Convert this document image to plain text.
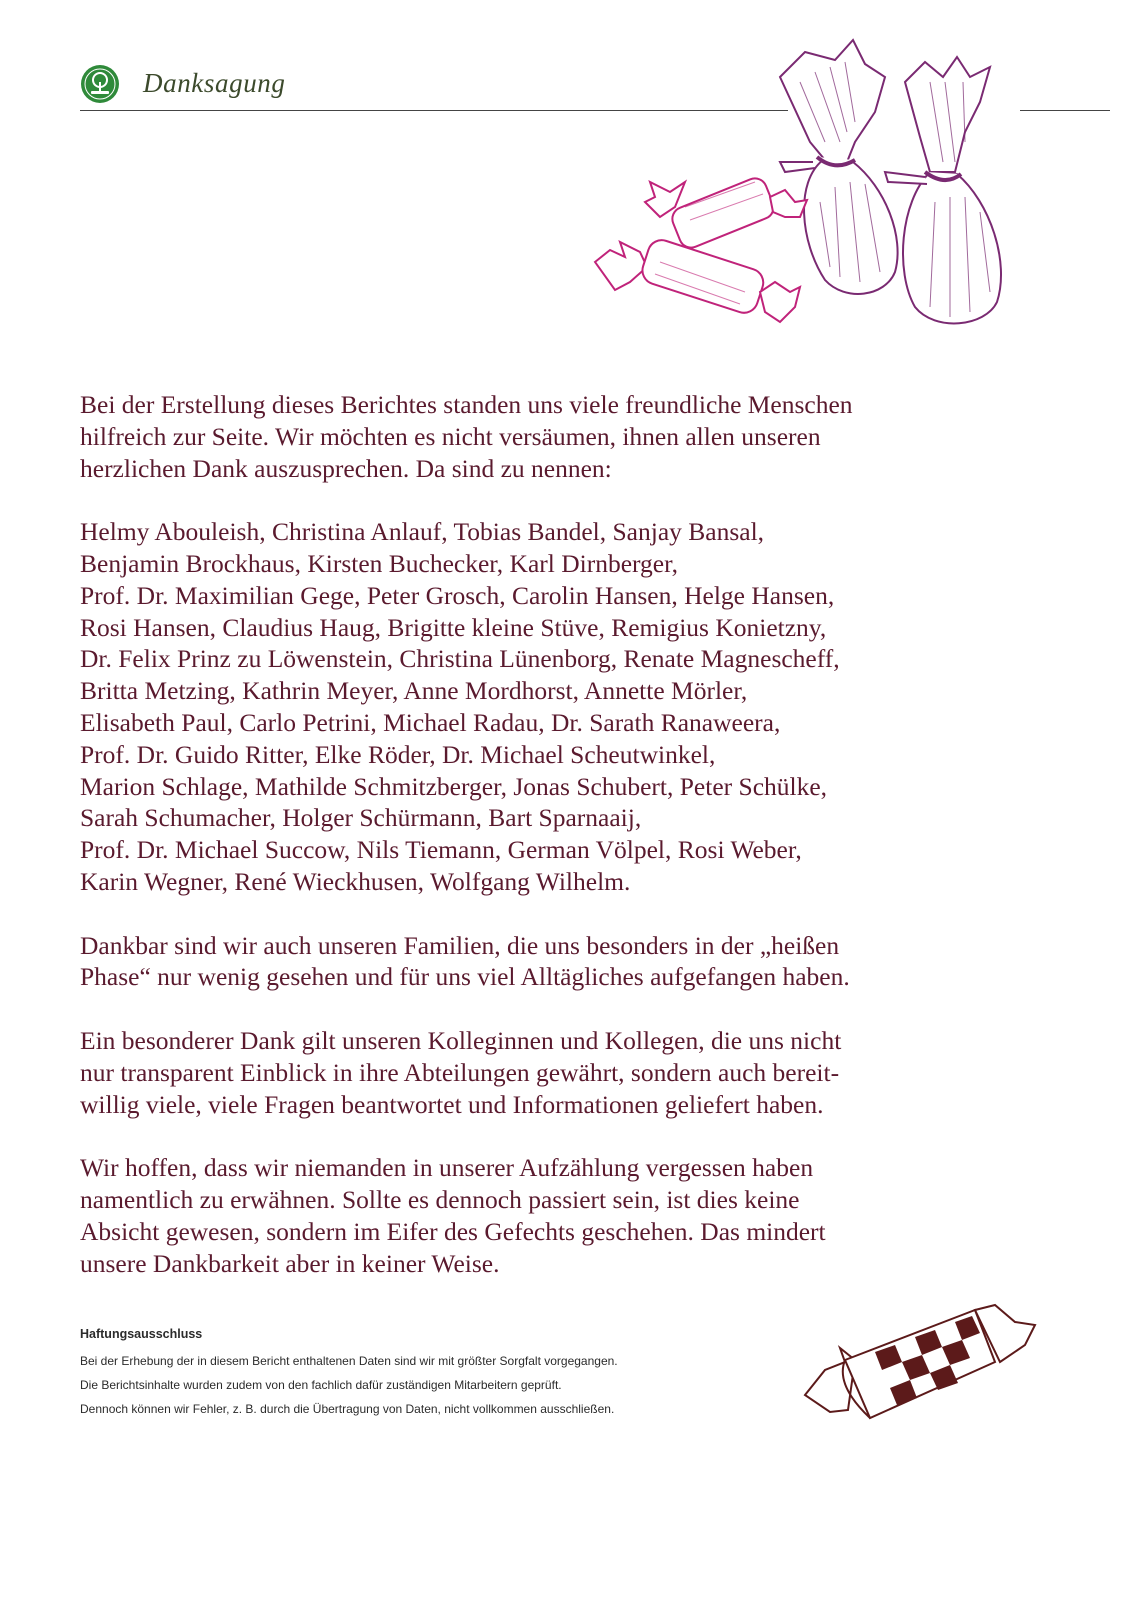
Danksagung

Bei der Erstellung dieses Berichtes standen uns viele freundliche Menschen
hilfreich zur Seite. Wir möchten es nicht versäumen, ihnen allen unseren
herzlichen Dank auszusprechen. Da sind zu nennen:

Helmy Abouleish, Christina Anlauf, Tobias Bandel, Sanjay Bansal,
Benjamin Brockhaus, Kirsten Buchecker, Karl Dirnberger,
Prof. Dr. Maximilian Gege, Peter Grosch, Carolin Hansen, Helge Hansen,
Rosi Hansen, Claudius Haug, Brigitte kleine Stüve, Remigius Konietzny,
Dr. Felix Prinz zu Löwenstein, Christina Lünenborg, Renate Magnescheff,
Britta Metzing, Kathrin Meyer, Anne Mordhorst, Annette Mörler,
Elisabeth Paul, Carlo Petrini, Michael Radau, Dr. Sarath Ranaweera,
Prof. Dr. Guido Ritter, Elke Röder, Dr. Michael Scheutwinkel,
Marion Schlage, Mathilde Schmitzberger, Jonas Schubert, Peter Schülke,
Sarah Schumacher, Holger Schürmann, Bart Sparnaaij,
Prof. Dr. Michael Succow, Nils Tiemann, German Völpel, Rosi Weber,
Karin Wegner, René Wieckhusen, Wolfgang Wilhelm.

Dankbar sind wir auch unseren Familien, die uns besonders in der „heißen
Phase“ nur wenig gesehen und für uns viel Alltägliches aufgefangen haben.

Ein besonderer Dank gilt unseren Kolleginnen und Kollegen, die uns nicht
nur transparent Einblick in ihre Abteilungen gewährt, sondern auch bereit-
willig viele, viele Fragen beantwortet und Informationen geliefert haben.

Wir hoffen, dass wir niemanden in unserer Aufzählung vergessen haben
namentlich zu erwähnen. Sollte es dennoch passiert sein, ist dies keine
Absicht gewesen, sondern im Eifer des Gefechts geschehen. Das mindert
unsere Dankbarkeit aber in keiner Weise.

Haftungsausschluss
Bei der Erhebung der in diesem Bericht enthaltenen Daten sind wir mit größter Sorgfalt vorgegangen.
Die Berichtsinhalte wurden zudem von den fachlich dafür zuständigen Mitarbeitern geprüft.
Dennoch können wir Fehler, z. B. durch die Übertragung von Daten, nicht vollkommen ausschließen.
